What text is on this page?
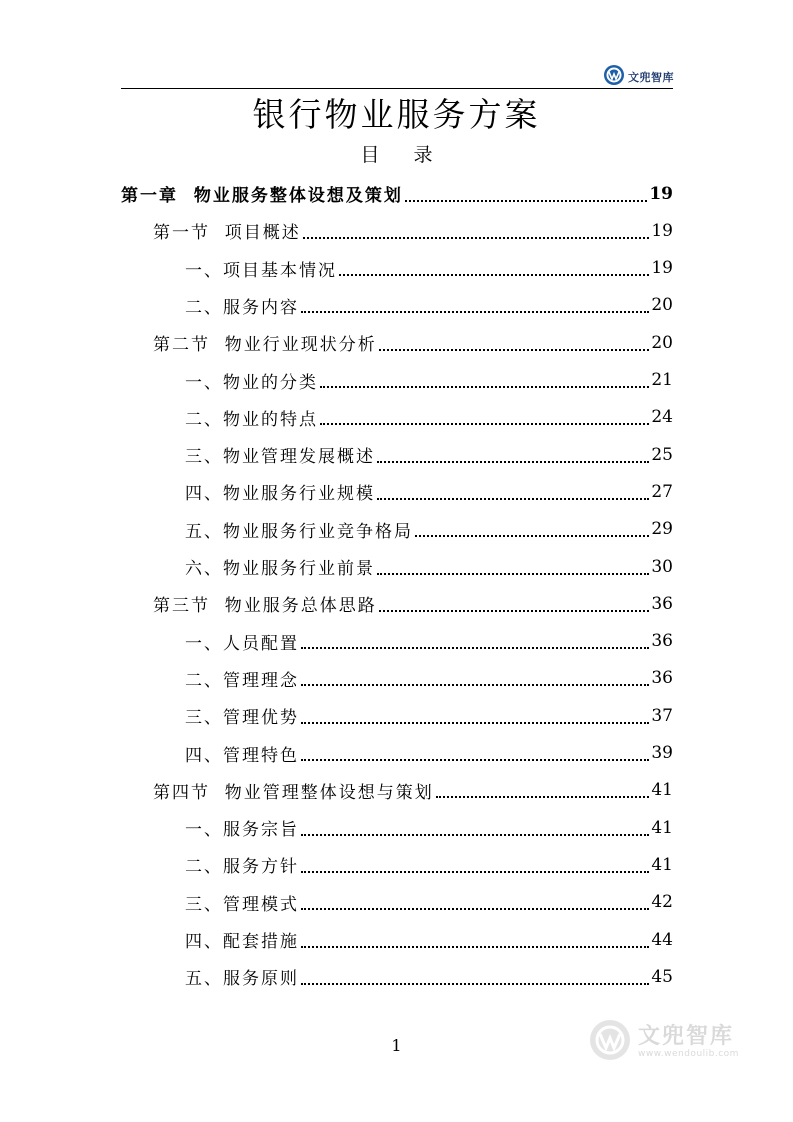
文兜智库
银行物业服务方案
目 录
第一章  物业服务整体设想及策划	19
第一节  项目概述	19
一、项目基本情况	19
二、服务内容	20
第二节  物业行业现状分析	20
一、物业的分类	21
二、物业的特点	24
三、物业管理发展概述	25
四、物业服务行业规模	27
五、物业服务行业竞争格局	29
六、物业服务行业前景	30
第三节  物业服务总体思路	36
一、人员配置	36
二、管理理念	36
三、管理优势	37
四、管理特色	39
第四节  物业管理整体设想与策划	41
一、服务宗旨	41
二、服务方针	41
三、管理模式	42
四、配套措施	44
五、服务原则	45
1	文兜智库
www.wendoulib.com
